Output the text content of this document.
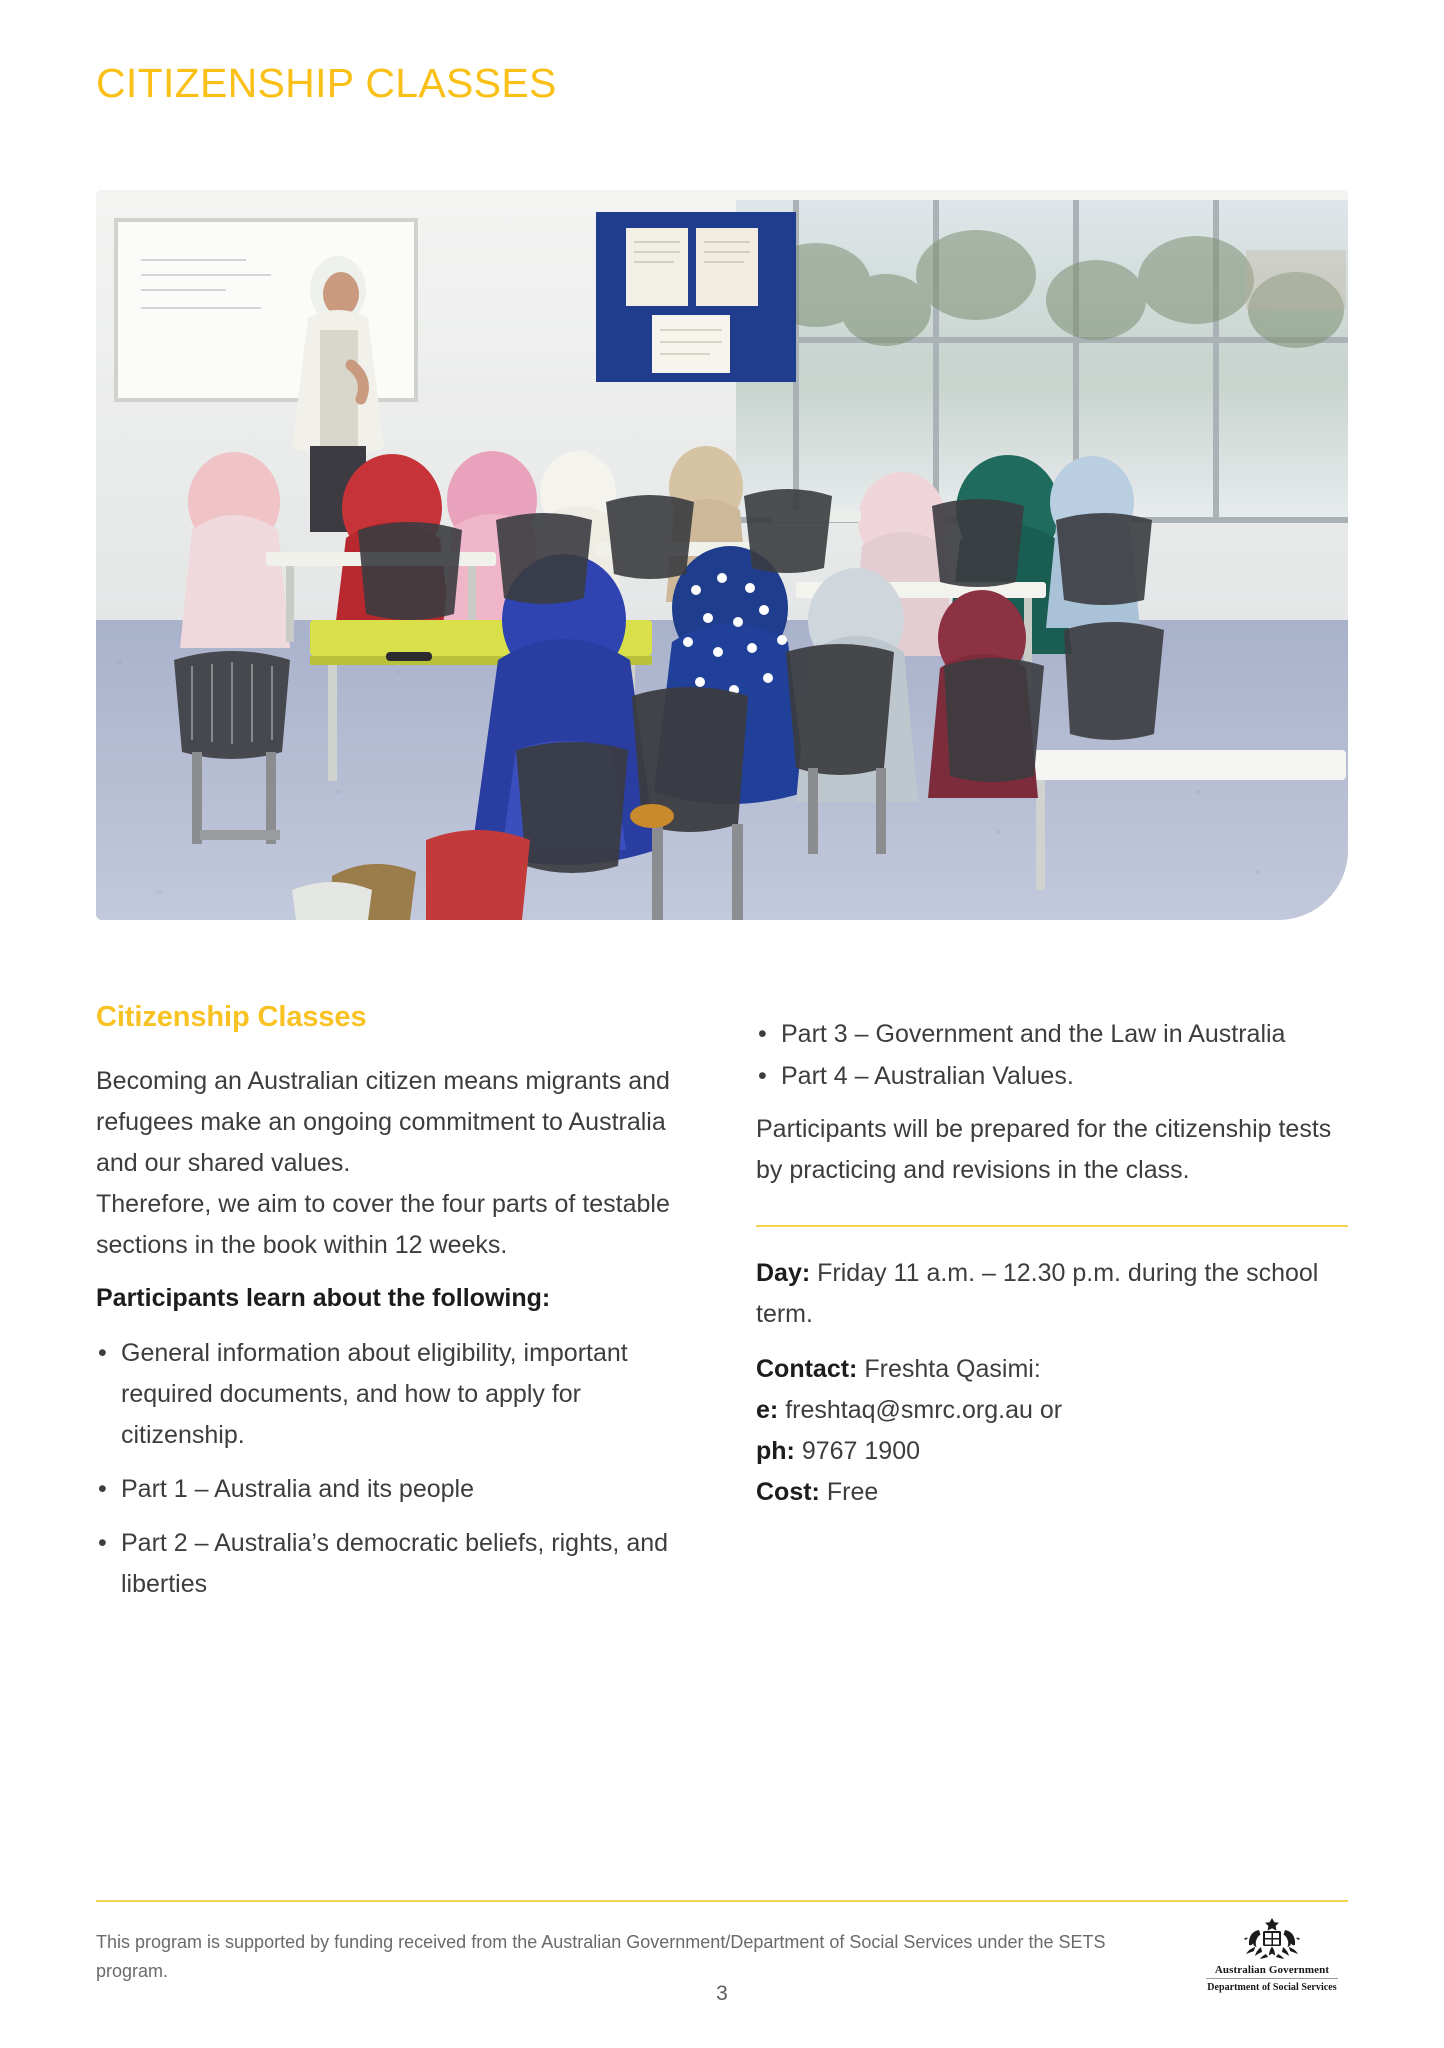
CITIZENSHIP CLASSES
Citizenship Classes

Becoming an Australian citizen means migrants and refugees make an ongoing commitment to Australia and our shared values.

Therefore, we aim to cover the four parts of testable sections in the book within 12 weeks.

Participants learn about the following:

• General information about eligibility, important required documents, and how to apply for citizenship.
• Part 1 – Australia and its people
• Part 2 – Australia’s democratic beliefs, rights, and liberties
• Part 3 – Government and the Law in Australia
• Part 4 – Australian Values.

Participants will be prepared for the citizenship tests by practicing and revisions in the class.

Day: Friday 11 a.m. – 12.30 p.m. during the school term.
Contact: Freshta Qasimi:
e: freshtaq@smrc.org.au or
ph: 9767 1900
Cost: Free
This program is supported by funding received from the Australian Government/Department of Social Services under the SETS program.	Australian Government
Department of Social Services
3
